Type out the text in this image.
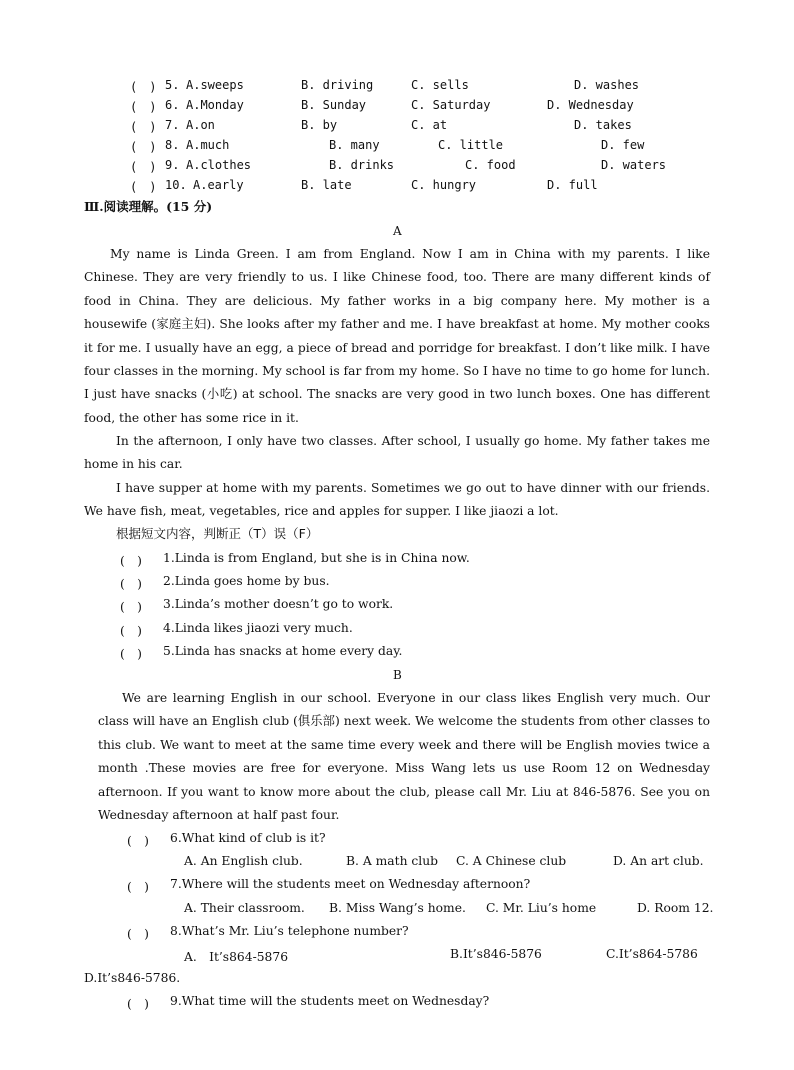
(　) 5. A.sweeps	B. driving	C. sells	D. washes
(　) 6. A.Monday	B. Sunday	C. Saturday	D. Wednesday
(　) 7. A.on	B. by	C. at	D. takes
(　) 8. A.much	B. many	C. little	D. few
(　) 9. A.clothes	B. drinks	C. food	D. waters
(　) 10. A.early	B. late	C. hungry	D. full
Ⅲ.阅读理解。(15 分)
A
My name is Linda Green. I am from England. Now I am in China with my parents. I like Chinese. They are very friendly to us. I like Chinese food, too. There are many different kinds of food in China. They are delicious. My father works in a big company here. My mother is a housewife (家庭主妇). She looks after my father and me. I have breakfast at home. My mother cooks it for me. I usually have an egg, a piece of bread and porridge for breakfast. I don’t like milk. I have four classes in the morning. My school is far from my home. So I have no time to go home for lunch. I just have snacks (小吃) at school. The snacks are very good in two lunch boxes. One has different food, the other has some rice in it.
In the afternoon, I only have two classes. After school, I usually go home. My father takes me home in his car.
I have supper at home with my parents. Sometimes we go out to have dinner with our friends. We have fish, meat, vegetables, rice and apples for supper. I like jiaozi a lot.
根据短文内容，判断正（T）误（F）
(　) 1.Linda is from England, but she is in China now.
(　) 2.Linda goes home by bus.
(　) 3.Linda’s mother doesn’t go to work.
(　) 4.Linda likes jiaozi very much.
(　) 5.Linda has snacks at home every day.
B
We are learning English in our school. Everyone in our class likes English very much. Our class will have an English club (俱乐部) next week. We welcome the students from other classes to this club. We want to meet at the same time every week and there will be English movies twice a month .These movies are free for everyone. Miss Wang lets us use Room 12 on Wednesday afternoon. If you want to know more about the club, please call Mr. Liu at 846-5876. See you on Wednesday afternoon at half past four.
(　) 6.What kind of club is it?
A. An English club.	B. A math club C. A Chinese club	D. An art club.
(　) 7.Where will the students meet on Wednesday afternoon?
A. Their classroom. B. Miss Wang’s home. C. Mr. Liu’s home	D. Room 12.
(　) 8.What’s Mr. Liu’s telephone number?
A.　It’s864-5876	B.It’s846-5876	C.It’s864-5786
D.It’s846-5786.
(　) 9.What time will the students meet on Wednesday?
